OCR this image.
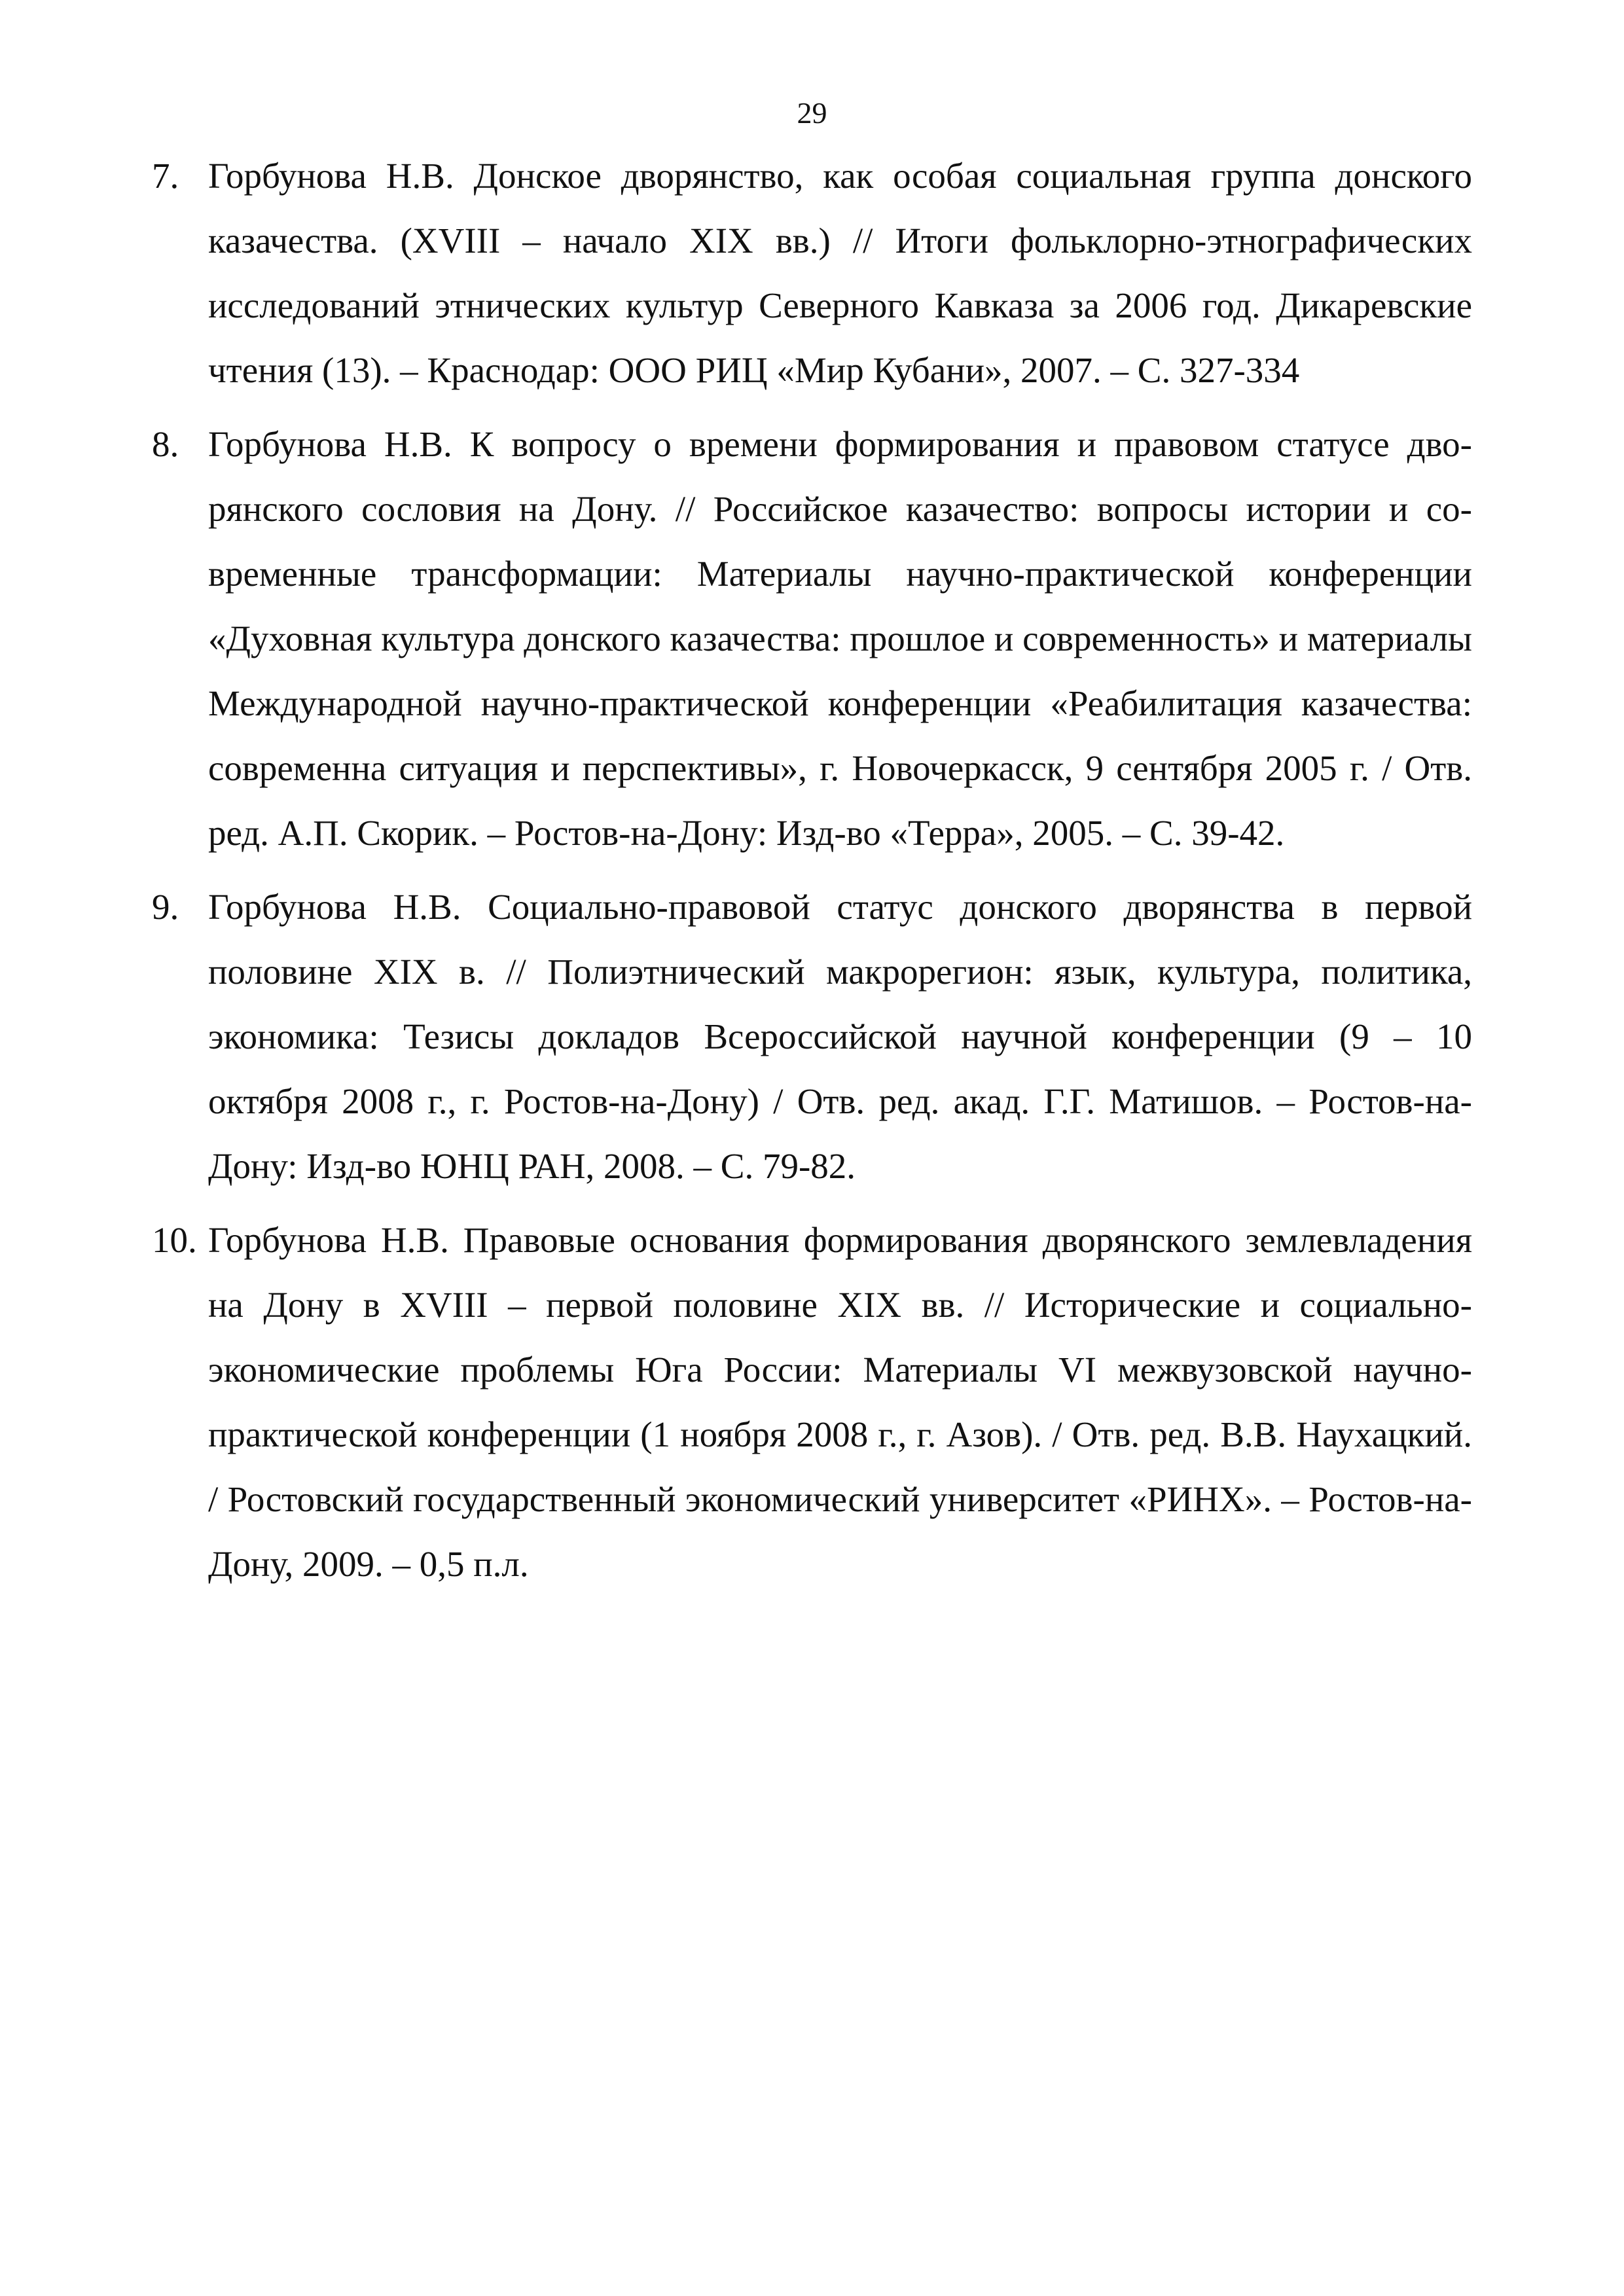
29
7. Горбунова Н.В. Донское дворянство, как особая социальная группа донского казачества. (XVIII – начало XIX вв.) // Итоги фольклорно-этнографических исследований этнических культур Северного Кавказа за 2006 год. Дикаревские чтения (13). – Краснодар: ООО РИЦ «Мир Кубани», 2007. – С. 327-334
8. Горбунова Н.В. К вопросу о времени формирования и правовом статусе дворянского сословия на Дону. // Российское казачество: вопросы истории и современные трансформации: Материалы научно-практической конференции «Духовная культура донского казачества: прошлое и современность» и материалы Международной научно-практической конференции «Реабилитация казачества: современна ситуация и перспективы», г. Новочеркасск, 9 сентября 2005 г. / Отв. ред. А.П. Скорик. – Ростов-на-Дону: Изд-во «Терра», 2005. – С. 39-42.
9. Горбунова Н.В. Социально-правовой статус донского дворянства в первой половине XIX в. // Полиэтнический макрорегион: язык, культура, политика, экономика: Тезисы докладов Всероссийской научной конференции (9 – 10 октября 2008 г., г. Ростов-на-Дону) / Отв. ред. акад. Г.Г. Матишов. – Ростов-на-Дону: Изд-во ЮНЦ РАН, 2008. – С. 79-82.
10. Горбунова Н.В. Правовые основания формирования дворянского землевладения на Дону в XVIII – первой половине XIX вв. // Исторические и социально-экономические проблемы Юга России: Материалы VI межвузовской научно-практической конференции (1 ноября 2008 г., г. Азов). / Отв. ред. В.В. Наухацкий. / Ростовский государственный экономический университет «РИНХ». – Ростов-на-Дону, 2009. – 0,5 п.л.
